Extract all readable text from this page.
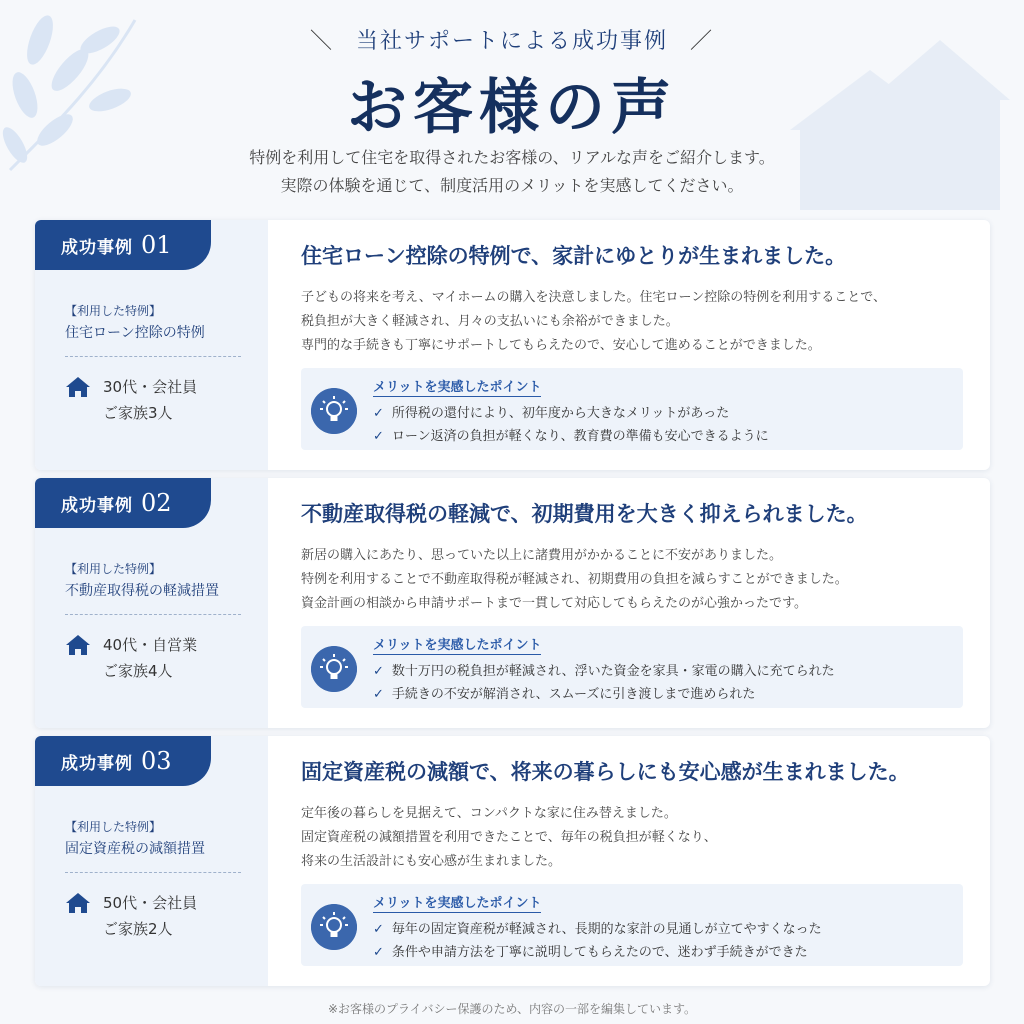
＼ 当社サポートによる成功事例 ／
お客様の声
特例を利用して住宅を取得されたお客様の、リアルな声をご紹介します。
実際の体験を通じて、制度活用のメリットを実感してください。
成功事例 01
【利用した特例】
住宅ローン控除の特例
30代・会社員
ご家族3人
住宅ローン控除の特例で、家計にゆとりが生まれました。
子どもの将来を考え、マイホームの購入を決意しました。住宅ローン控除の特例を利用することで、
税負担が大きく軽減され、月々の支払いにも余裕ができました。
専門的な手続きも丁寧にサポートしてもらえたので、安心して進めることができました。
メリットを実感したポイント
✓ 所得税の還付により、初年度から大きなメリットがあった
✓ ローン返済の負担が軽くなり、教育費の準備も安心できるように
成功事例 02
【利用した特例】
不動産取得税の軽減措置
40代・自営業
ご家族4人
不動産取得税の軽減で、初期費用を大きく抑えられました。
新居の購入にあたり、思っていた以上に諸費用がかかることに不安がありました。
特例を利用することで不動産取得税が軽減され、初期費用の負担を減らすことができました。
資金計画の相談から申請サポートまで一貫して対応してもらえたのが心強かったです。
メリットを実感したポイント
✓ 数十万円の税負担が軽減され、浮いた資金を家具・家電の購入に充てられた
✓ 手続きの不安が解消され、スムーズに引き渡しまで進められた
成功事例 03
【利用した特例】
固定資産税の減額措置
50代・会社員
ご家族2人
固定資産税の減額で、将来の暮らしにも安心感が生まれました。
定年後の暮らしを見据えて、コンパクトな家に住み替えました。
固定資産税の減額措置を利用できたことで、毎年の税負担が軽くなり、
将来の生活設計にも安心感が生まれました。
メリットを実感したポイント
✓ 毎年の固定資産税が軽減され、長期的な家計の見通しが立てやすくなった
✓ 条件や申請方法を丁寧に説明してもらえたので、迷わず手続きができた
※お客様のプライバシー保護のため、内容の一部を編集しています。
